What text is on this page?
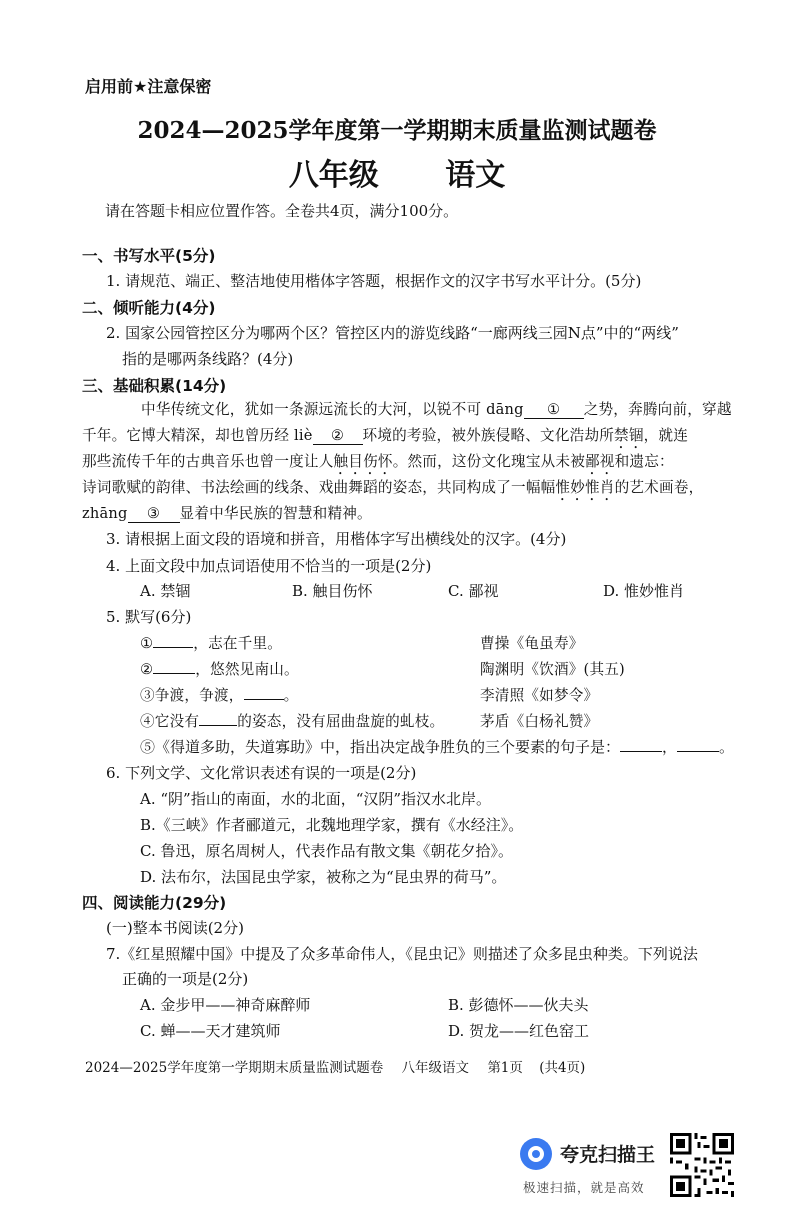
启用前★注意保密
2024—2025学年度第一学期期末质量监测试题卷
八年级 语文
请在答题卡相应位置作答。全卷共4页，满分100分。
一、书写水平(5分)
1. 请规范、端正、整洁地使用楷体字答题，根据作文的汉字书写水平计分。(5分)
二、倾听能力(4分)
2. 国家公园管控区分为哪两个区？管控区内的游览线路“一廊两线三园N点”中的“两线”
指的是哪两条线路？(4分)
三、基础积累(14分)
中华传统文化，犹如一条源远流长的大河，以锐不可 dāng ① 之势，奔腾向前，穿越
千年。它博大精深，却也曾历经 liè ② 环境的考验，被外族侵略、文化浩劫所禁锢，就连
那些流传千年的古典音乐也曾一度让人触目伤怀。然而，这份文化瑰宝从未被鄙视和遗忘：
诗词歌赋的韵律、书法绘画的线条、戏曲舞蹈的姿态，共同构成了一幅幅惟妙惟肖的艺术画卷，
zhāng ③ 显着中华民族的智慧和精神。
3. 请根据上面文段的语境和拼音，用楷体字写出横线处的汉字。(4分)
4. 上面文段中加点词语使用不恰当的一项是(2分)
A. 禁锢	B. 触目伤怀	C. 鄙视	D. 惟妙惟肖
5. 默写(6分)
①	，志在千里。	曹操《龟虽寿》
②	，悠然见南山。	陶渊明《饮酒》(其五)
③争渡，争渡，	。	李清照《如梦令》
④它没有	的姿态，没有屈曲盘旋的虬枝。 茅盾《白杨礼赞》
⑤《得道多助，失道寡助》中，指出决定战争胜负的三个要素的句子是：	，	。
6. 下列文学、文化常识表述有误的一项是(2分)
A. “阴”指山的南面，水的北面，“汉阴”指汉水北岸。
B.《三峡》作者郦道元，北魏地理学家，撰有《水经注》。
C. 鲁迅，原名周树人，代表作品有散文集《朝花夕拾》。
D. 法布尔，法国昆虫学家，被称之为“昆虫界的荷马”。
四、阅读能力(29分)
(一)整本书阅读(2分)
7.《红星照耀中国》中提及了众多革命伟人，《昆虫记》则描述了众多昆虫种类。下列说法
正确的一项是(2分)
A. 金步甲——神奇麻醉师	B. 彭德怀——伙夫头
C. 蝉——天才建筑师	D. 贺龙——红色窑工
2024—2025学年度第一学期期末质量监测试题卷 八年级语文 第1页 (共4页)
夸克扫描王
极速扫描，就是高效
